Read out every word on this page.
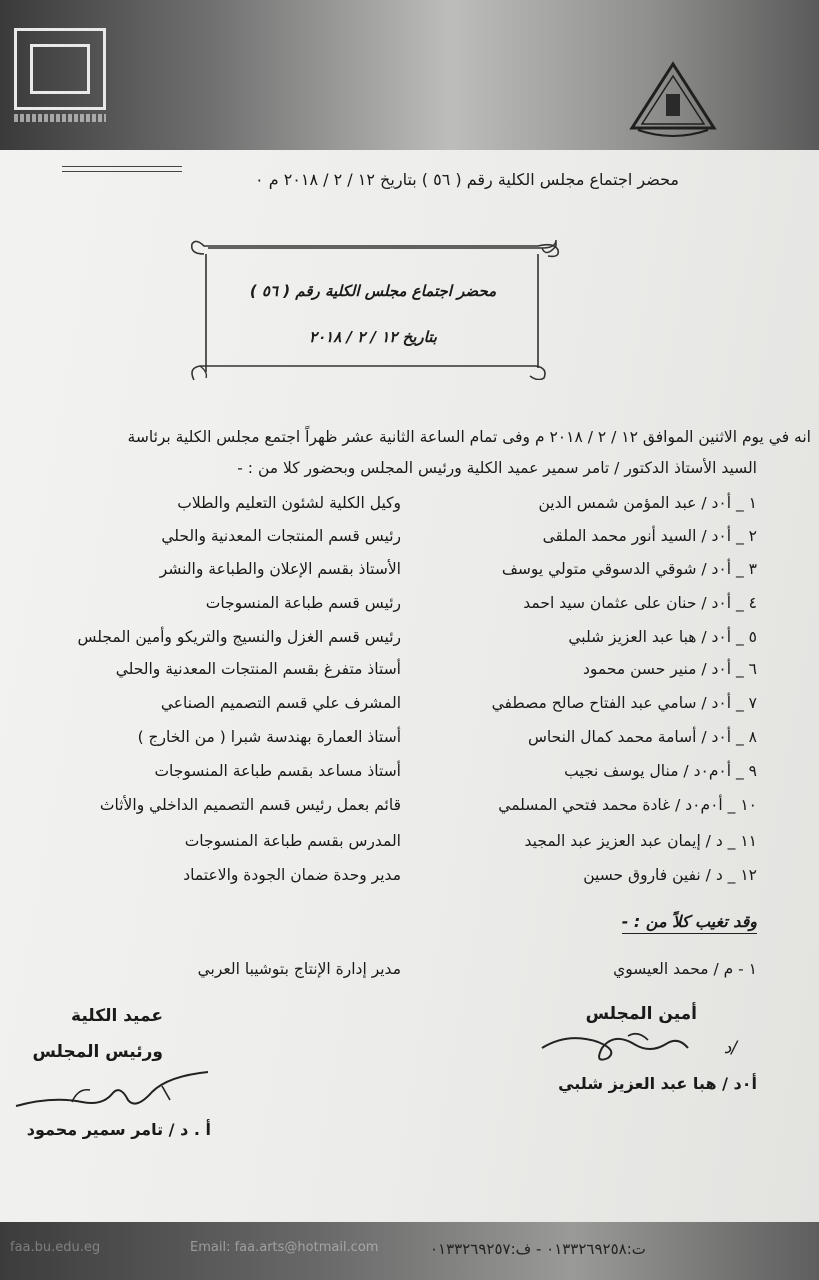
محضر اجتماع مجلس الكلية رقم ( ٥٦ ) بتاريخ ١٢ / ٢ / ٢٠١٨ م ٠
محضر اجتماع مجلس الكلية رقم ( ٥٦ )
بتاريخ ١٢ / ٢ / ٢٠١٨
انه في يوم الاثنين الموافق ١٢ / ٢ / ٢٠١٨ م وفى تمام الساعة الثانية عشر ظهراً اجتمع مجلس الكلية برئاسة
السيد الأستاذ الدكتور / تامر سمير عميد الكلية ورئيس المجلس وبحضور كلا من : -
١ _ أ٠د / عبد المؤمن شمس الدين
وكيل الكلية لشئون التعليم والطلاب
٢ _ أ٠د / السيد أنور محمد الملقى
رئيس قسم المنتجات المعدنية والحلي
٣ _ أ٠د / شوقي الدسوقي متولي يوسف
الأستاذ بقسم الإعلان والطباعة والنشر
٤ _ أ٠د / حنان على عثمان سيد احمد
رئيس قسم طباعة المنسوجات
٥ _ أ٠د / هبا عبد العزيز شلبي
رئيس قسم الغزل والنسيج والتريكو وأمين المجلس
٦ _ أ٠د / منير حسن محمود
أستاذ متفرغ بقسم المنتجات المعدنية والحلي
٧ _ أ٠د / سامي عبد الفتاح صالح مصطفي
المشرف علي قسم التصميم الصناعي
٨ _ أ٠د / أسامة محمد كمال النحاس
أستاذ العمارة بهندسة شبرا ( من الخارج )
٩ _ أ٠م٠د / منال يوسف نجيب
أستاذ مساعد بقسم طباعة المنسوجات
١٠ _ أ٠م٠د / غادة محمد فتحي المسلمي
قائم بعمل رئيس قسم التصميم الداخلي والأثاث
١١ _ د / إيمان عبد العزيز عبد المجيد
المدرس بقسم طباعة المنسوجات
١٢ _ د / نفين فاروق حسين
مدير وحدة ضمان الجودة والاعتماد
وقد تغيب كلاً من : -
١ - م / محمد العيسوي
مدير إدارة الإنتاج بتوشيبا العربي
أمين المجلس
/د
أ٠د / هبا عبد العزيز شلبي
عميد الكلية
ورئيس المجلس
أ . د / تامر سمير محمود
faa.bu.edu.eg	Email: faa.arts@hotmail.com	ت:٠١٣٣٢٦٩٢٥٨ - ف:٠١٣٣٢٦٩٢٥٧
